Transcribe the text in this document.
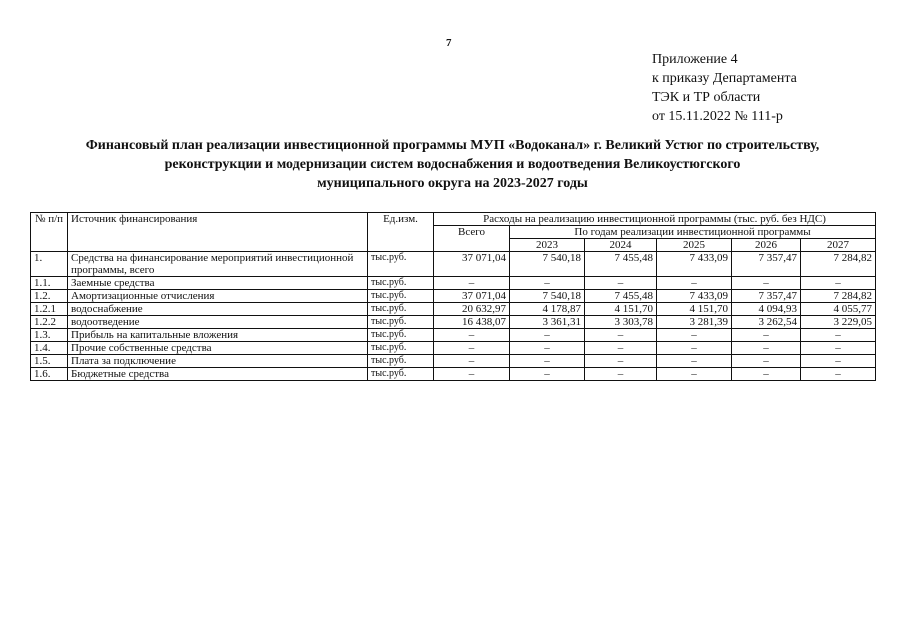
7
Приложение 4
к приказу Департамента
ТЭК и ТР области
от 15.11.2022 № 111-р
Финансовый план реализации инвестиционной программы МУП «Водоканал» г. Великий Устюг по строительству,
реконструкции и модернизации систем водоснабжения и водоотведения Великоустюгского
муниципального округа на 2023-2027 годы
№ п/п	Источник финансирования	Ед.изм.	Расходы на реализацию инвестиционной программы (тыс. руб. без НДС)					
			Всего	По годам реализации инвестиционной программы				
				2023	2024	2025	2026	2027
1.	Средства на финансирование мероприятий инвестиционной программы, всего	тыс.руб.	37 071,04	7 540,18	7 455,48	7 433,09	7 357,47	7 284,82
1.1.	Заемные средства	тыс.руб.	–	–	–	–	–	–
1.2.	Амортизационные отчисления	тыс.руб.	37 071,04	7 540,18	7 455,48	7 433,09	7 357,47	7 284,82
1.2.1	водоснабжение	тыс.руб.	20 632,97	4 178,87	4 151,70	4 151,70	4 094,93	4 055,77
1.2.2	водоотведение	тыс.руб.	16 438,07	3 361,31	3 303,78	3 281,39	3 262,54	3 229,05
1.3.	Прибыль на капитальные вложения	тыс.руб.	–	–	–	–	–	–
1.4.	Прочие собственные средства	тыс.руб.	–	–	–	–	–	–
1.5.	Плата за подключение	тыс.руб.	–	–	–	–	–	–
1.6.	Бюджетные средства	тыс.руб.	–	–	–	–	–	–
